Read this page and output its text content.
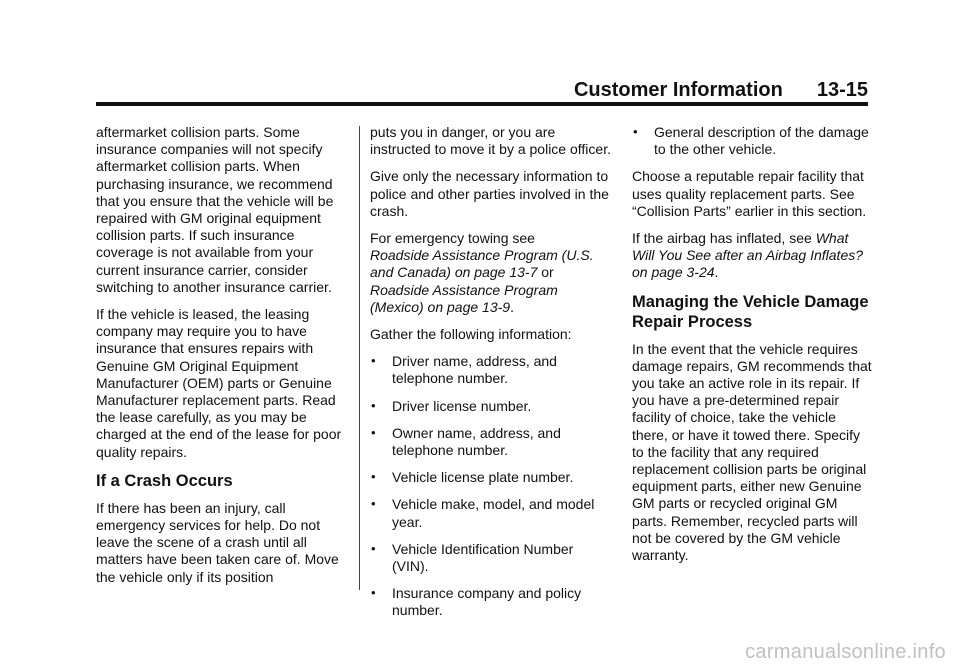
Customer Information 13-15

aftermarket collision parts. Some insurance companies will not specify aftermarket collision parts. When purchasing insurance, we recommend that you ensure that the vehicle will be repaired with GM original equipment collision parts. If such insurance coverage is not available from your current insurance carrier, consider switching to another insurance carrier.

If the vehicle is leased, the leasing company may require you to have insurance that ensures repairs with Genuine GM Original Equipment Manufacturer (OEM) parts or Genuine Manufacturer replacement parts. Read the lease carefully, as you may be charged at the end of the lease for poor quality repairs.

If a Crash Occurs

If there has been an injury, call emergency services for help. Do not leave the scene of a crash until all matters have been taken care of. Move the vehicle only if its position

puts you in danger, or you are instructed to move it by a police officer.

Give only the necessary information to police and other parties involved in the crash.

For emergency towing see
Roadside Assistance Program (U.S. and Canada) on page 13-7 or
Roadside Assistance Program (Mexico) on page 13-9.

Gather the following information:

• Driver name, address, and telephone number.
• Driver license number.
• Owner name, address, and telephone number.
• Vehicle license plate number.
• Vehicle make, model, and model year.
• Vehicle Identification Number (VIN).
• Insurance company and policy number.
• General description of the damage to the other vehicle.

Choose a reputable repair facility that uses quality replacement parts. See “Collision Parts” earlier in this section.

If the airbag has inflated, see What Will You See after an Airbag Inflates? on page 3-24.

Managing the Vehicle Damage Repair Process

In the event that the vehicle requires damage repairs, GM recommends that you take an active role in its repair. If you have a pre-determined repair facility of choice, take the vehicle there, or have it towed there. Specify to the facility that any required replacement collision parts be original equipment parts, either new Genuine GM parts or recycled original GM parts. Remember, recycled parts will not be covered by the GM vehicle warranty.

carmanualsonline.info
